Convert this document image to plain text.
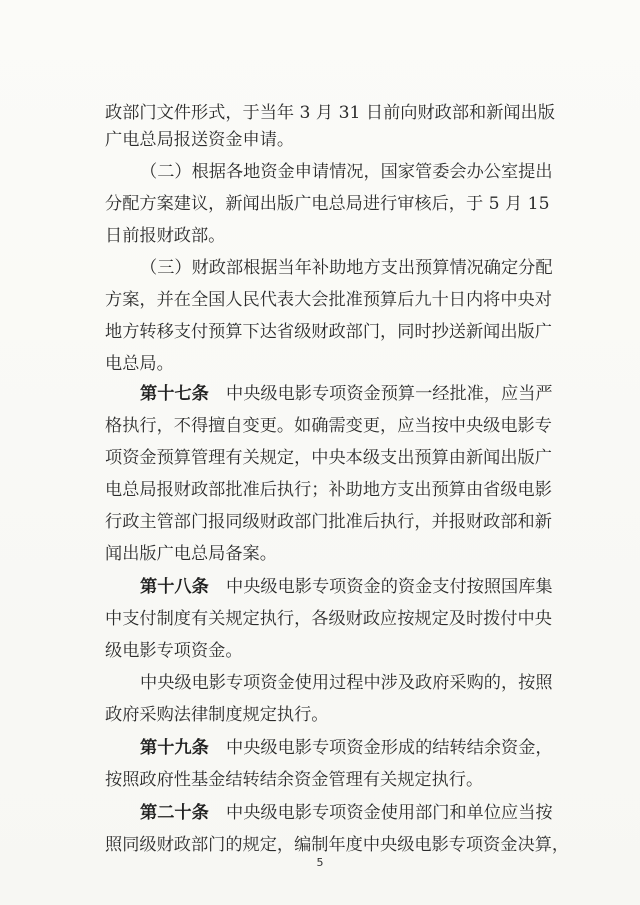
政部门文件形式，于当年 3 月 31 日前向财政部和新闻出版
广电总局报送资金申请。
（二）根据各地资金申请情况，国家管委会办公室提出
分配方案建议，新闻出版广电总局进行审核后，于 5 月 15
日前报财政部。
（三）财政部根据当年补助地方支出预算情况确定分配
方案，并在全国人民代表大会批准预算后九十日内将中央对
地方转移支付预算下达省级财政部门，同时抄送新闻出版广
电总局。
第十七条 中央级电影专项资金预算一经批准，应当严
格执行，不得擅自变更。如确需变更，应当按中央级电影专
项资金预算管理有关规定，中央本级支出预算由新闻出版广
电总局报财政部批准后执行；补助地方支出预算由省级电影
行政主管部门报同级财政部门批准后执行，并报财政部和新
闻出版广电总局备案。
第十八条 中央级电影专项资金的资金支付按照国库集
中支付制度有关规定执行，各级财政应按规定及时拨付中央
级电影专项资金。
中央级电影专项资金使用过程中涉及政府采购的，按照
政府采购法律制度规定执行。
第十九条 中央级电影专项资金形成的结转结余资金，
按照政府性基金结转结余资金管理有关规定执行。
第二十条 中央级电影专项资金使用部门和单位应当按
照同级财政部门的规定，编制年度中央级电影专项资金决算，
5
